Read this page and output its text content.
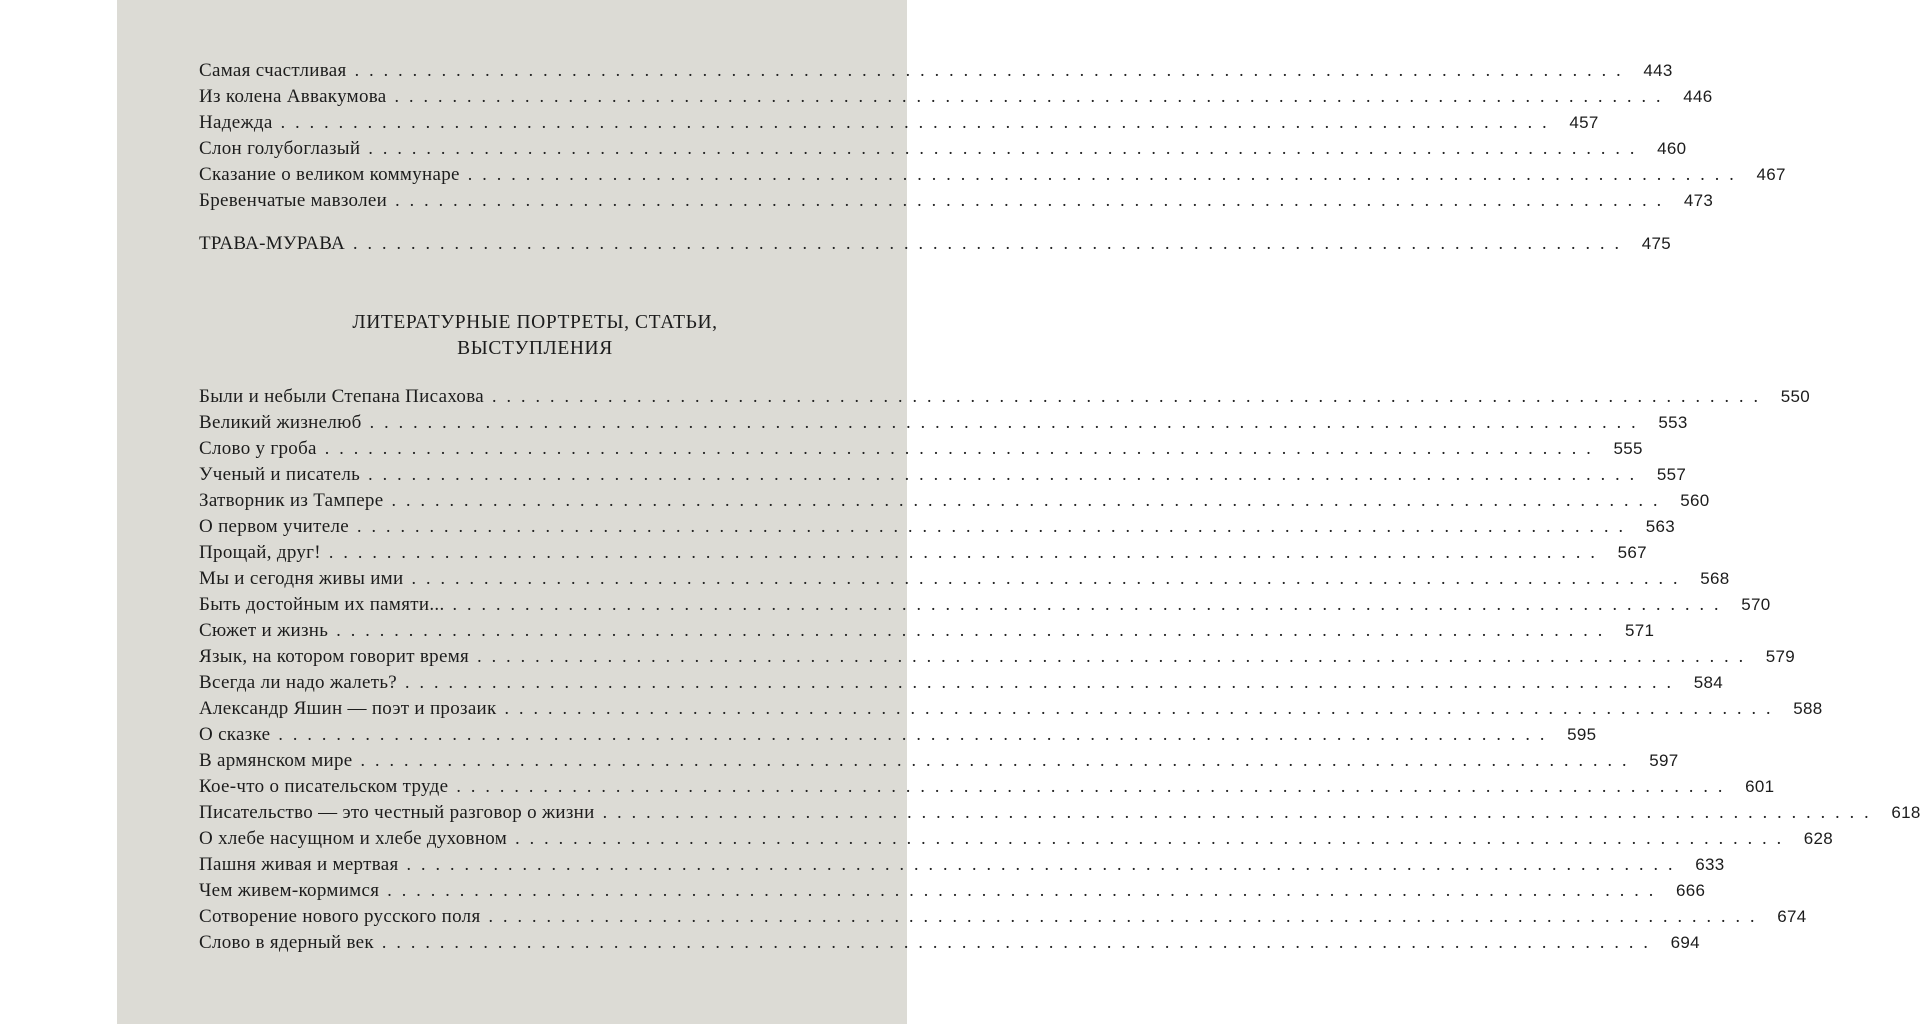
Самая счастливая ........................................................................................ 443
Из колена Аввакумова ........................................................................................ 446
Надежда ........................................................................................ 457
Слон голубоглазый ........................................................................................ 460
Сказание о великом коммунаре ........................................................................................ 467
Бревенчатые мавзолеи ........................................................................................ 473
ТРАВА-МУРАВА ........................................................................................ 475
ЛИТЕРАТУРНЫЕ ПОРТРЕТЫ, СТАТЬИ,
ВЫСТУПЛЕНИЯ
Были и небыли Степана Писахова ........................................................................................ 550
Великий жизнелюб ........................................................................................ 553
Слово у гроба ........................................................................................ 555
Ученый и писатель ........................................................................................ 557
Затворник из Тампере ........................................................................................ 560
О первом учителе ........................................................................................ 563
Прощай, друг! ........................................................................................ 567
Мы и сегодня живы ими ........................................................................................ 568
Быть достойным их памяти... ........................................................................................ 570
Сюжет и жизнь ........................................................................................ 571
Язык, на котором говорит время ........................................................................................ 579
Всегда ли надо жалеть? ........................................................................................ 584
Александр Яшин — поэт и прозаик ........................................................................................ 588
О сказке ........................................................................................ 595
В армянском мире ........................................................................................ 597
Кое-что о писательском труде ........................................................................................ 601
Писательство — это честный разговор о жизни ........................................................................................ 618
О хлебе насущном и хлебе духовном ........................................................................................ 628
Пашня живая и мертвая ........................................................................................ 633
Чем живем-кормимся ........................................................................................ 666
Сотворение нового русского поля ........................................................................................ 674
Слово в ядерный век ........................................................................................ 694
